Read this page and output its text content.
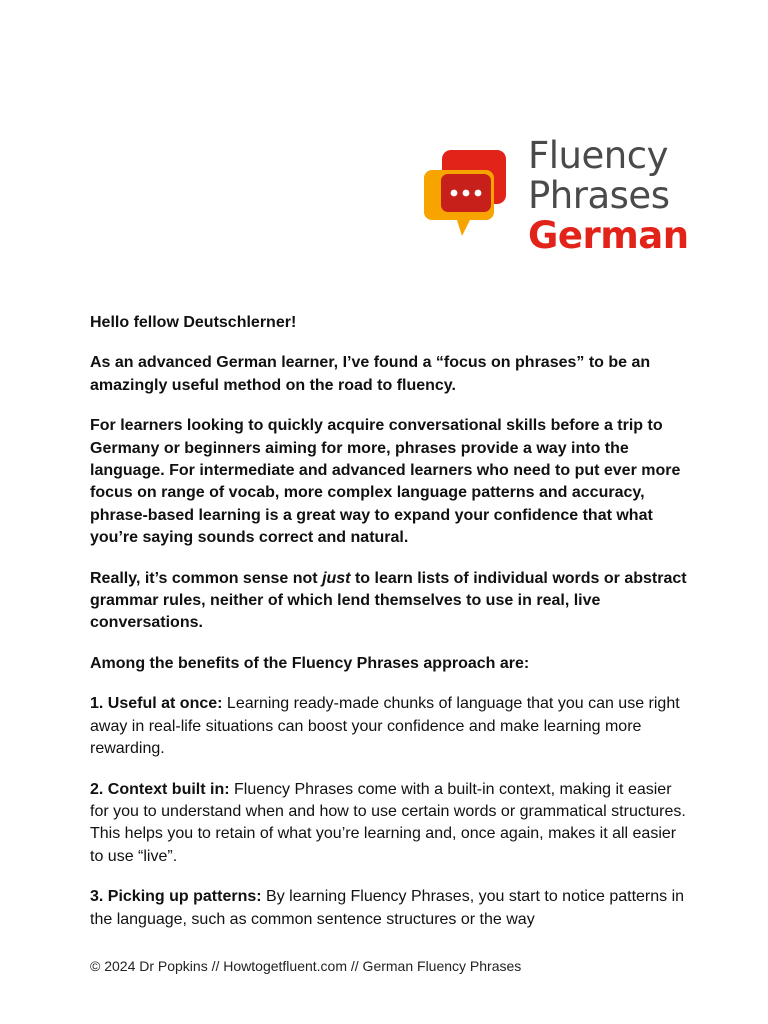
Fluency
Phrases
German

Hello fellow Deutschlerner!

As an advanced German learner, I’ve found a “focus on phrases” to be an amazingly useful method on the road to fluency.

For learners looking to quickly acquire conversational skills before a trip to Germany or beginners aiming for more, phrases provide a way into the language. For intermediate and advanced learners who need to put ever more focus on range of vocab, more complex language patterns and accuracy, phrase-based learning is a great way to expand your confidence that what you’re saying sounds correct and natural.

Really, it’s common sense not just to learn lists of individual words or abstract grammar rules, neither of which lend themselves to use in real, live conversations.

Among the benefits of the Fluency Phrases approach are:

1. Useful at once: Learning ready-made chunks of language that you can use right away in real-life situations can boost your confidence and make learning more rewarding.

2. Context built in: Fluency Phrases come with a built-in context, making it easier for you to understand when and how to use certain words or grammatical structures. This helps you to retain of what you’re learning and, once again, makes it all easier to use “live”.

3. Picking up patterns: By learning Fluency Phrases, you start to notice patterns in the language, such as common sentence structures or the way

© 2024 Dr Popkins // Howtogetfluent.com // German Fluency Phrases
